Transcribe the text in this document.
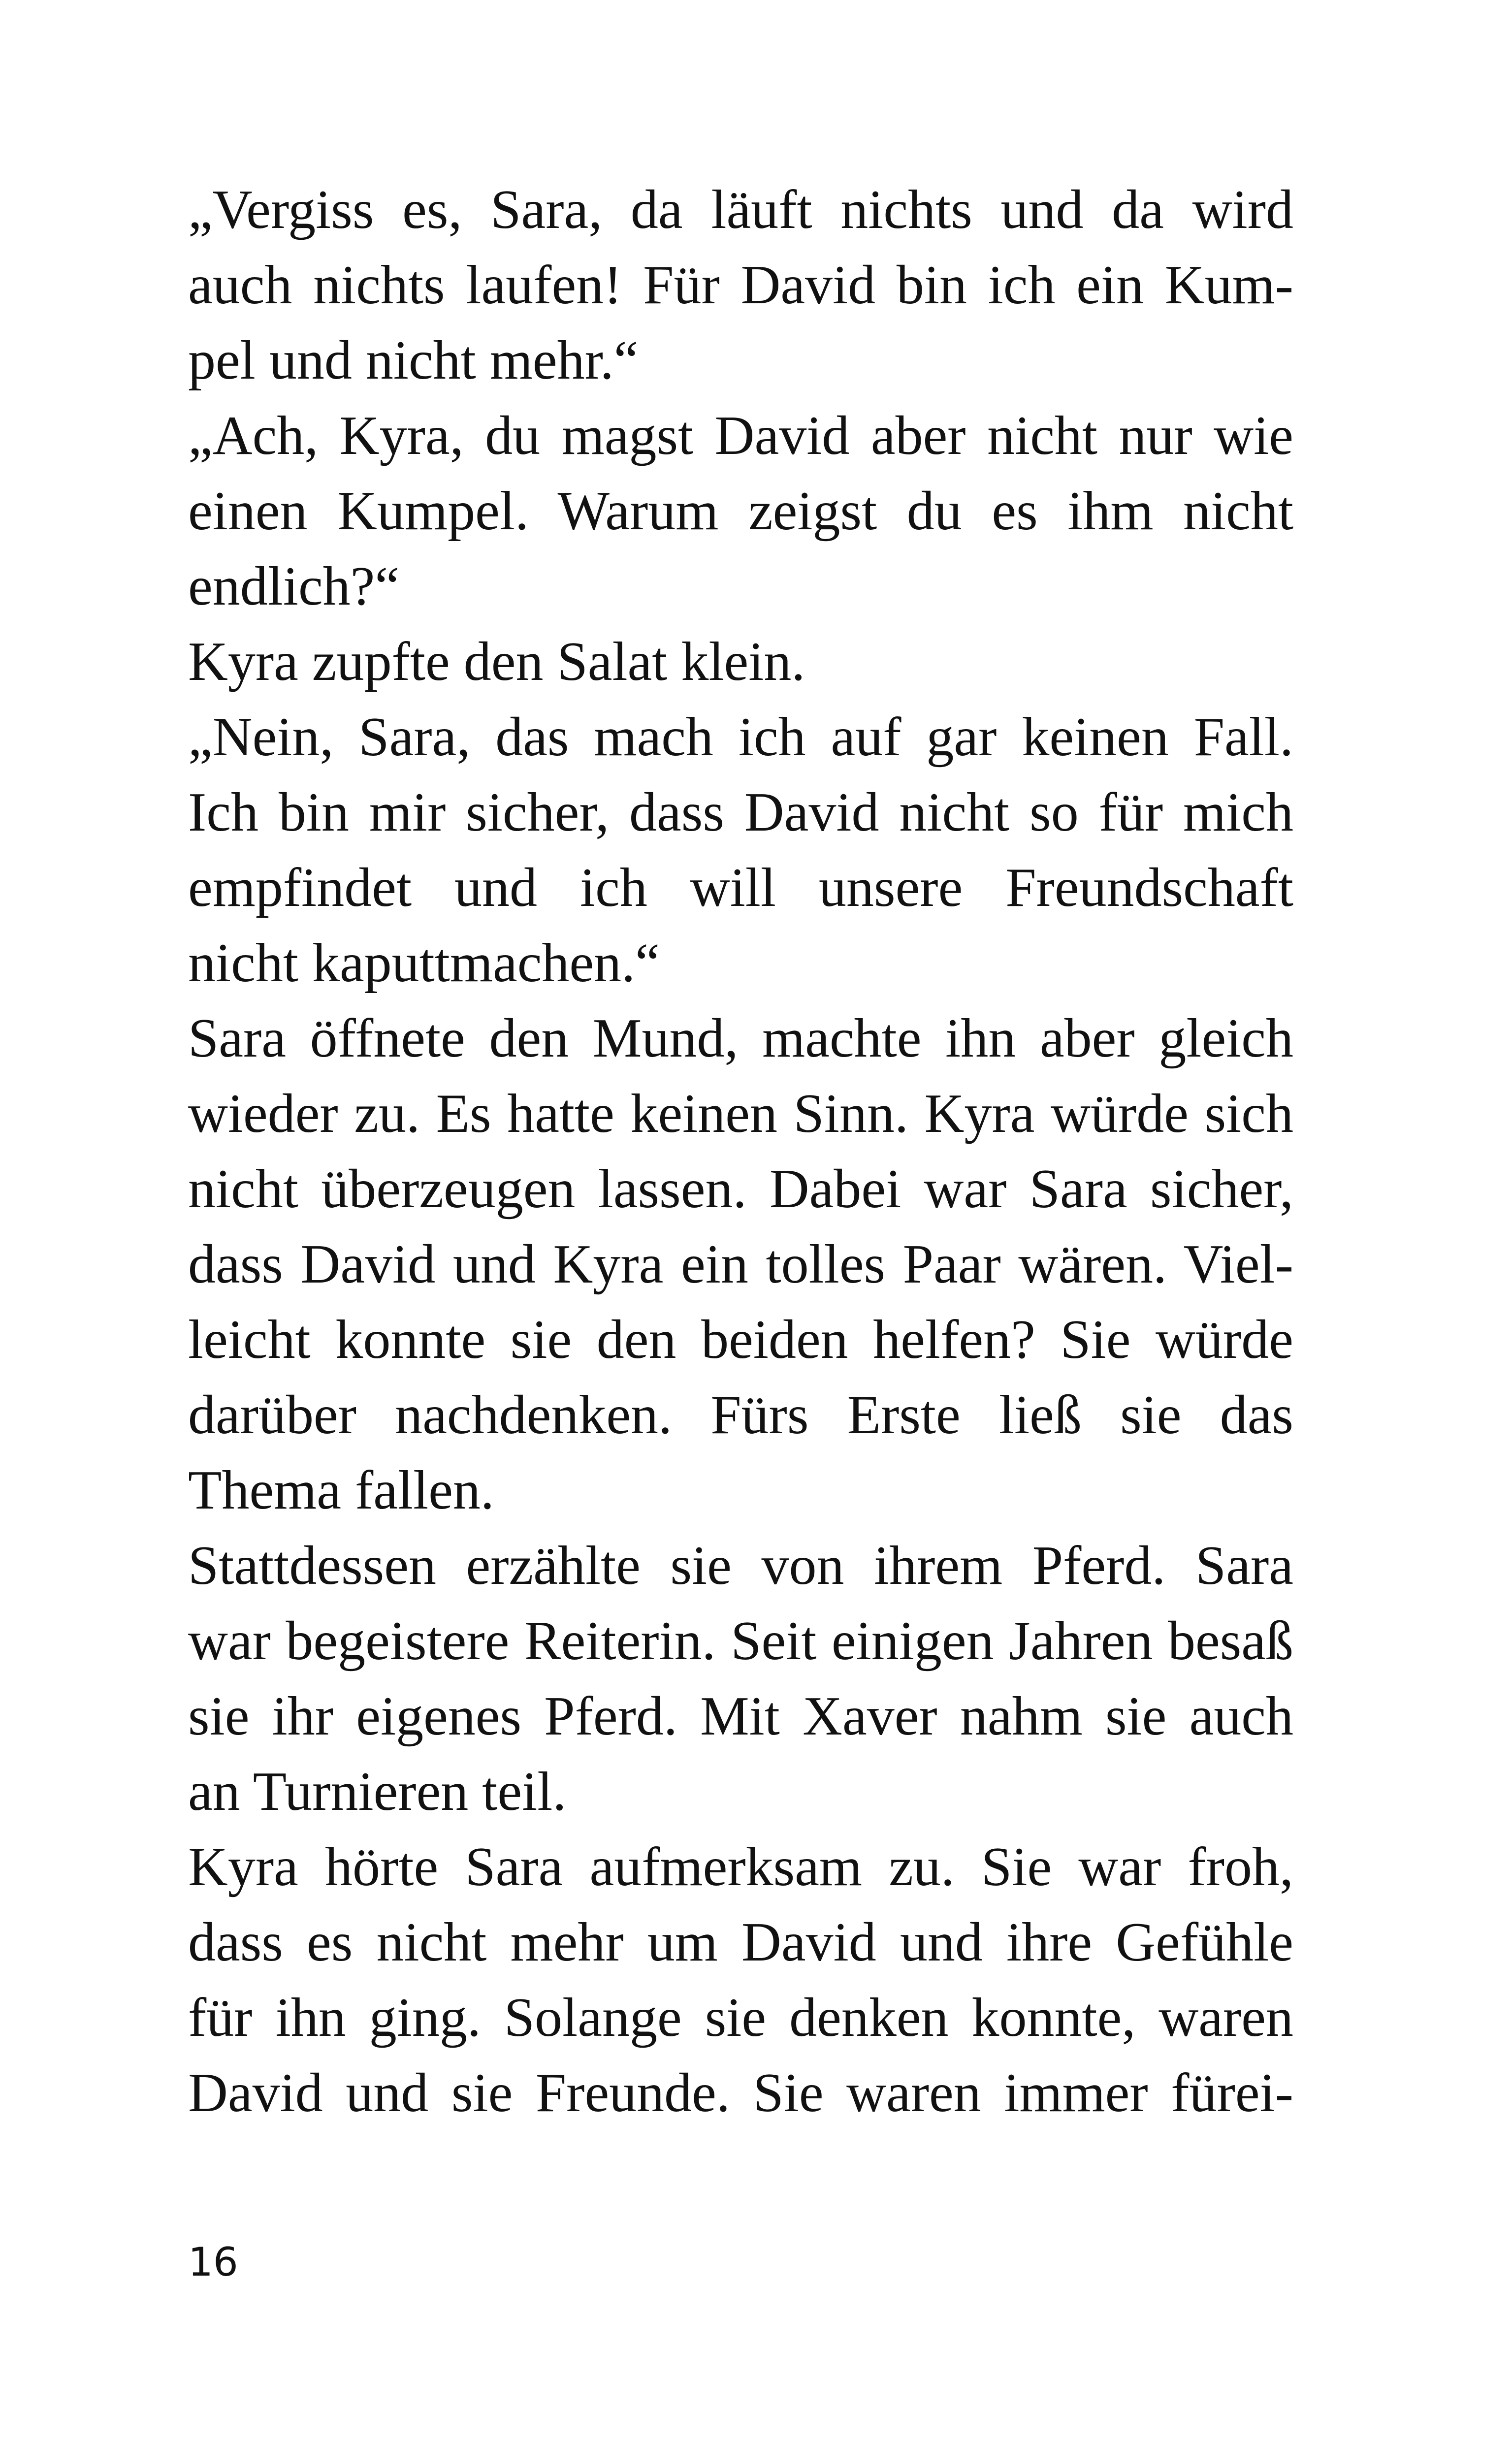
„Vergiss es, Sara, da läuft nichts und da wird
auch nichts laufen! Für David bin ich ein Kum-
pel und nicht mehr.“
„Ach, Kyra, du magst David aber nicht nur wie
einen Kumpel. Warum zeigst du es ihm nicht
endlich?“
Kyra zupfte den Salat klein.
„Nein, Sara, das mach ich auf gar keinen Fall.
Ich bin mir sicher, dass David nicht so für mich
empfindet und ich will unsere Freundschaft
nicht kaputtmachen.“
Sara öffnete den Mund, machte ihn aber gleich
wieder zu. Es hatte keinen Sinn. Kyra würde sich
nicht überzeugen lassen. Dabei war Sara sicher,
dass David und Kyra ein tolles Paar wären. Viel-
leicht konnte sie den beiden helfen? Sie würde
darüber nachdenken. Fürs Erste ließ sie das
Thema fallen.
Stattdessen erzählte sie von ihrem Pferd. Sara
war begeistere Reiterin. Seit einigen Jahren besaß
sie ihr eigenes Pferd. Mit Xaver nahm sie auch
an Turnieren teil.
Kyra hörte Sara aufmerksam zu. Sie war froh,
dass es nicht mehr um David und ihre Gefühle
für ihn ging. Solange sie denken konnte, waren
David und sie Freunde. Sie waren immer fürei-
16
